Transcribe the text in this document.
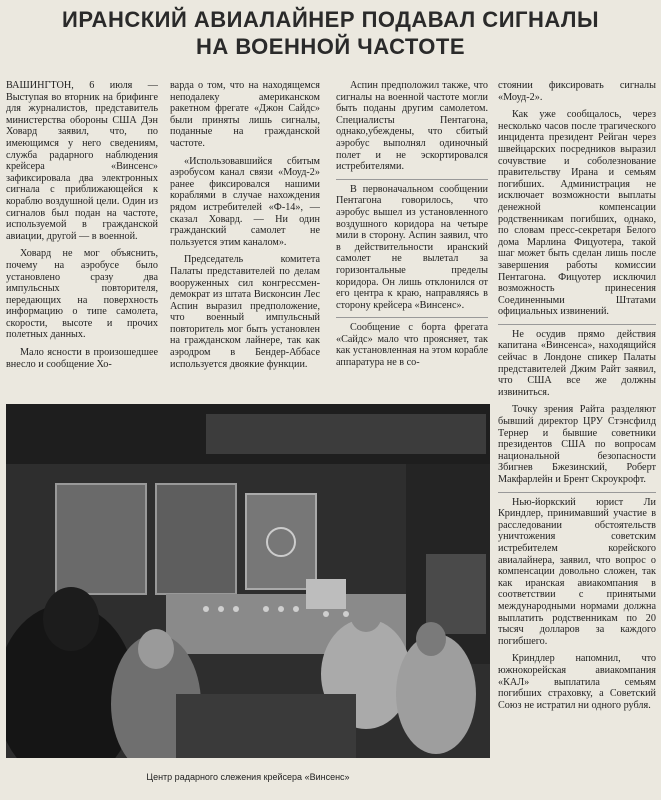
ИРАНСКИЙ АВИАЛАЙНЕР ПОДАВАЛ СИГНАЛЫ
НА ВОЕННОЙ ЧАСТОТЕ

ВАШИНГТОН, 6 июля — Выступая во вторник на брифинге для журналистов, представитель министерства обороны США Дэн Ховард заявил, что, по имеющимся у него сведениям, служба радарного наблюдения крейсера «Винсенс» зафиксировала два электронных сигнала с приближающейся к кораблю воздушной цели. Один из сигналов был подан на частоте, используемой в гражданской авиации, другой — в военной.

Ховард не мог объяснить, почему на аэробусе было установлено сразу два импульсных повторителя, передающих на поверхность информацию о типе самолета, скорости, высоте и прочих полетных данных.

Мало ясности в произошедшее внесло и сообщение Хо-

варда о том, что на находящемся неподалеку американском ракетном фрегате «Джон Сайдс» были приняты лишь сигналы, поданные на гражданской частоте.

«Использовавшийся сбитым аэробусом канал связи «Моуд-2» ранее фиксировался нашими кораблями в случае нахождения рядом истребителей «Ф-14», — сказал Ховард. — Ни один гражданский самолет не пользуется этим каналом».

Председатель комитета Палаты представителей по делам вооруженных сил конгрессмен-демократ из штата Висконсин Лес Аспин выразил предположение, что военный импульсный повторитель мог быть установлен на гражданском лайнере, так как аэродром в Бендер-Аббасе используется двоякие функции.

Аспин предположил также, что сигналы на военной частоте могли быть поданы другим самолетом. Специалисты Пентагона, однако,убеждены, что сбитый аэробус выполнял одиночный полет и не эскортировался истребителями.

В первоначальном сообщении Пентагона говорилось, что аэробус вышел из установленного воздушного коридора на четыре мили в сторону. Аспин заявил, что в действительности иранский самолет не вылетал за горизонтальные пределы коридора. Он лишь отклонился от его центра к краю, направляясь в сторону крейсера «Винсенс».

Сообщение с борта фрегата «Сайдс» мало что проясняет, так как установленная на этом корабле аппаратура не в со-

стоянии фиксировать сигналы «Моуд-2».

Как уже сообщалось, через несколько часов после трагического инцидента президент Рейган через швейцарских посредников выразил сочувствие и соболезнование правительству Ирана и семьям погибших. Администрация не исключает возможности выплаты денежной компенсации родственникам погибших, однако, по словам пресс-секретаря Белого дома Марлина Фицуотера, такой шаг может быть сделан лишь после завершения работы комиссии Пентагона. Фицуотер исключил возможность принесения Соединенными Штатами официальных извинений.

Не осудив прямо действия капитана «Винсенса», находящийся сейчас в Лондоне спикер Палаты представителей Джим Райт заявил, что США все же должны извиниться.

Точку зрения Райта разделяют бывший директор ЦРУ Стэнсфилд Тернер и бывшие советники президентов США по вопросам национальной безопасности Збигнев Бжезинский, Роберт Макфарлейн и Брент Скроукрофт.

Нью-йоркский юрист Ли Криндлер, принимавший участие в расследовании обстоятельств уничтожения советским истребителем корейского авиалайнера, заявил, что вопрос о компенсации довольно сложен, так как иранская авиакомпания в соответствии с принятыми международными нормами должна выплатить родственникам по 20 тысяч долларов за каждого погибшего.

Криндлер напомнил, что южнокорейская авиакомпания «КАЛ» выплатила семьям погибших страховку, а Советский Союз не истратил ни одного рубля.

Центр радарного слежения крейсера «Винсенс»
